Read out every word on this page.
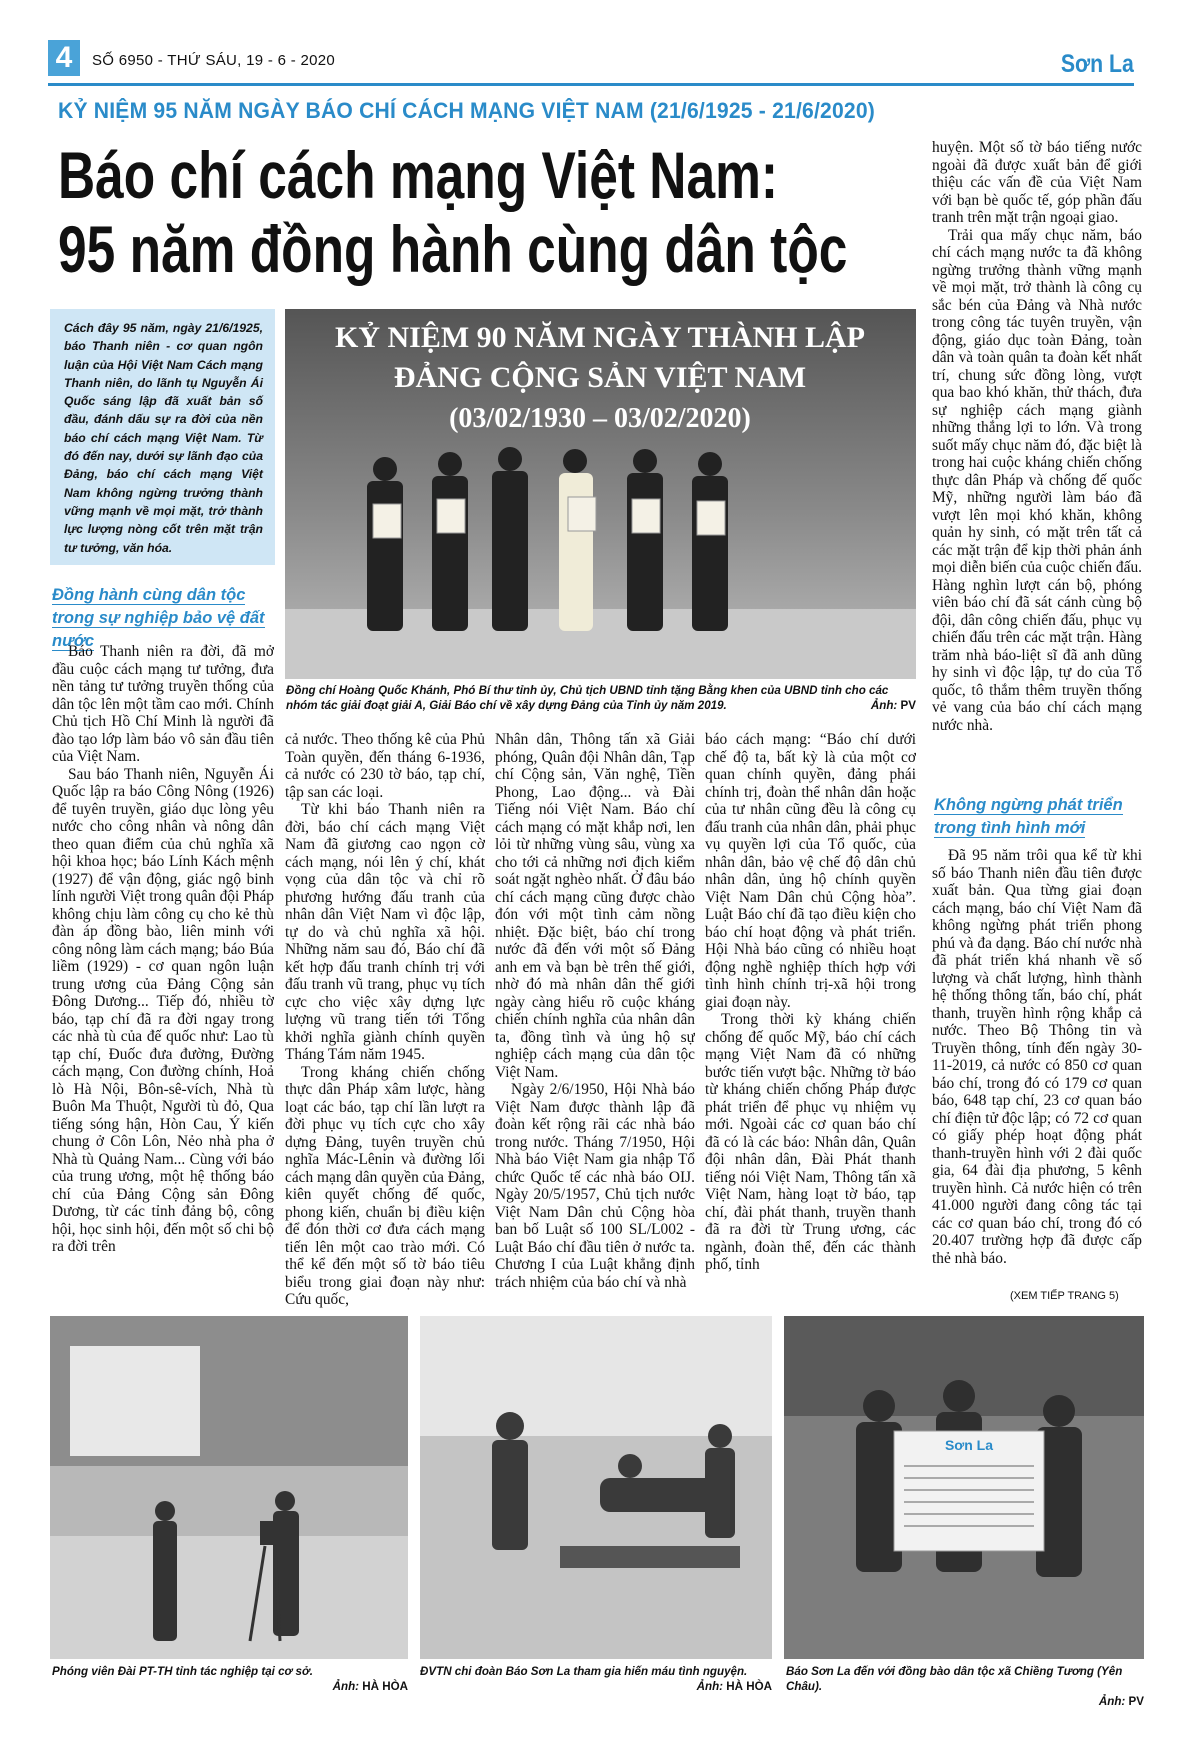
4	SỐ 6950 - THỨ SÁU, 19 - 6 - 2020	Sơn La
KỶ NIỆM 95 NĂM NGÀY BÁO CHÍ CÁCH MẠNG VIỆT NAM (21/6/1925 - 21/6/2020)
Báo chí cách mạng Việt Nam:
95 năm đồng hành cùng dân tộc

Cách đây 95 năm, ngày 21/6/1925, báo Thanh niên - cơ quan ngôn luận của Hội Việt Nam Cách mạng Thanh niên, do lãnh tụ Nguyễn Ái Quốc sáng lập đã xuất bản số đầu, đánh dấu sự ra đời của nền báo chí cách mạng Việt Nam. Từ đó đến nay, dưới sự lãnh đạo của Đảng, báo chí cách mạng Việt Nam không ngừng trưởng thành vững mạnh về mọi mặt, trở thành lực lượng nòng cốt trên mặt trận tư tưởng, văn hóa.

Đồng hành cùng dân tộc trong sự nghiệp bảo vệ đất nước

Báo Thanh niên ra đời, đã mở đầu cuộc cách mạng tư tưởng, đưa nền tảng tư tưởng truyền thống của dân tộc lên một tầm cao mới. Chính Chủ tịch Hồ Chí Minh là người đã đào tạo lớp làm báo vô sản đầu tiên của Việt Nam.

Sau báo Thanh niên, Nguyễn Ái Quốc lập ra báo Công Nông (1926) để tuyên truyền, giáo dục lòng yêu nước cho công nhân và nông dân theo quan điểm của chủ nghĩa xã hội khoa học; báo Lính Kách mệnh (1927) để vận động, giác ngộ binh lính người Việt trong quân đội Pháp không chịu làm công cụ cho kẻ thù đàn áp đồng bào, liên minh với công nông làm cách mạng; báo Búa liềm (1929) - cơ quan ngôn luận trung ương của Đảng Cộng sản Đông Dương... Tiếp đó, nhiều tờ báo, tạp chí đã ra đời ngay trong các nhà tù của đế quốc như: Lao tù tạp chí, Đuốc đưa đường, Đường cách mạng, Con đường chính, Hoả lò Hà Nội, Bôn-sê-vích, Nhà tù Buôn Ma Thuột, Người tù đỏ, Qua tiếng sóng hận, Hòn Cau, Ý kiến chung ở Côn Lôn, Nẻo nhà pha ở Nhà tù Quảng Nam... Cùng với báo của trung ương, một hệ thống báo chí của Đảng Cộng sản Đông Dương, từ các tỉnh đảng bộ, công hội, học sinh hội, đến một số chi bộ ra đời trên

KỶ NIỆM 90 NĂM NGÀY THÀNH LẬP
ĐẢNG CỘNG SẢN VIỆT NAM
(03/02/1930 – 03/02/2020)
Đồng chí Hoàng Quốc Khánh, Phó Bí thư tỉnh ủy, Chủ tịch UBND tỉnh tặng Bằng khen của UBND tỉnh cho các nhóm tác giải đoạt giải A, Giải Báo chí về xây dựng Đảng của Tỉnh ủy năm 2019.	Ảnh: PV

cả nước. Theo thống kê của Phủ Toàn quyền, đến tháng 6-1936, cả nước có 230 tờ báo, tạp chí, tập san các loại.

Từ khi báo Thanh niên ra đời, báo chí cách mạng Việt Nam đã giương cao ngọn cờ cách mạng, nói lên ý chí, khát vọng của dân tộc và chỉ rõ phương hướng đấu tranh của nhân dân Việt Nam vì độc lập, tự do và chủ nghĩa xã hội. Những năm sau đó, Báo chí đã kết hợp đấu tranh chính trị với đấu tranh vũ trang, phục vụ tích cực cho việc xây dựng lực lượng vũ trang tiến tới Tổng khởi nghĩa giành chính quyền Tháng Tám năm 1945.

Trong kháng chiến chống thực dân Pháp xâm lược, hàng loạt các báo, tạp chí lần lượt ra đời phục vụ tích cực cho xây dựng Đảng, tuyên truyền chủ nghĩa Mác-Lênin và đường lối cách mạng dân quyền của Đảng, kiên quyết chống đế quốc, phong kiến, chuẩn bị điều kiện để đón thời cơ đưa cách mạng tiến lên một cao trào mới. Có thể kể đến một số tờ báo tiêu biểu trong giai đoạn này như: Cứu quốc,

Nhân dân, Thông tấn xã Giải phóng, Quân đội Nhân dân, Tạp chí Cộng sản, Văn nghệ, Tiền Phong, Lao động... và Đài Tiếng nói Việt Nam. Báo chí cách mạng có mặt khắp nơi, len lỏi từ những vùng sâu, vùng xa cho tới cả những nơi địch kiểm soát ngặt nghèo nhất. Ở đâu báo chí cách mạng cũng được chào đón với một tình cảm nồng nhiệt. Đặc biệt, báo chí trong nước đã đến với một số Đảng anh em và bạn bè trên thế giới, nhờ đó mà nhân dân thế giới ngày càng hiểu rõ cuộc kháng chiến chính nghĩa của nhân dân ta, đồng tình và ủng hộ sự nghiệp cách mạng của dân tộc Việt Nam.

Ngày 2/6/1950, Hội Nhà báo Việt Nam được thành lập đã đoàn kết rộng rãi các nhà báo trong nước. Tháng 7/1950, Hội Nhà báo Việt Nam gia nhập Tổ chức Quốc tế các nhà báo OIJ. Ngày 20/5/1957, Chủ tịch nước Việt Nam Dân chủ Cộng hòa ban bố Luật số 100 SL/L002 - Luật Báo chí đầu tiên ở nước ta. Chương I của Luật khẳng định trách nhiệm của báo chí và nhà

báo cách mạng: “Báo chí dưới chế độ ta, bất kỳ là của một cơ quan chính quyền, đảng phái chính trị, đoàn thể nhân dân hoặc của tư nhân cũng đều là công cụ đấu tranh của nhân dân, phải phục vụ quyền lợi của Tổ quốc, của nhân dân, bảo vệ chế độ dân chủ nhân dân, ủng hộ chính quyền Việt Nam Dân chủ Cộng hòa”. Luật Báo chí đã tạo điều kiện cho báo chí hoạt động và phát triển. Hội Nhà báo cũng có nhiều hoạt động nghề nghiệp thích hợp với tình hình chính trị-xã hội trong giai đoạn này.

Trong thời kỳ kháng chiến chống đế quốc Mỹ, báo chí cách mạng Việt Nam đã có những bước tiến vượt bậc. Những tờ báo từ kháng chiến chống Pháp được phát triển để phục vụ nhiệm vụ mới. Ngoài các cơ quan báo chí đã có là các báo: Nhân dân, Quân đội nhân dân, Đài Phát thanh tiếng nói Việt Nam, Thông tấn xã Việt Nam, hàng loạt tờ báo, tạp chí, đài phát thanh, truyền thanh đã ra đời từ Trung ương, các ngành, đoàn thể, đến các thành phố, tỉnh

huyện. Một số tờ báo tiếng nước ngoài đã được xuất bản để giới thiệu các vấn đề của Việt Nam với bạn bè quốc tế, góp phần đấu tranh trên mặt trận ngoại giao.

Trải qua mấy chục năm, báo chí cách mạng nước ta đã không ngừng trưởng thành vững mạnh về mọi mặt, trở thành là công cụ sắc bén của Đảng và Nhà nước trong công tác tuyên truyền, vận động, giáo dục toàn Đảng, toàn dân và toàn quân ta đoàn kết nhất trí, chung sức đồng lòng, vượt qua bao khó khăn, thử thách, đưa sự nghiệp cách mạng giành những thắng lợi to lớn. Và trong suốt mấy chục năm đó, đặc biệt là trong hai cuộc kháng chiến chống thực dân Pháp và chống đế quốc Mỹ, những người làm báo đã vượt lên mọi khó khăn, không quản hy sinh, có mặt trên tất cả các mặt trận để kịp thời phản ánh mọi diễn biến của cuộc chiến đấu. Hàng nghìn lượt cán bộ, phóng viên báo chí đã sát cánh cùng bộ đội, dân công chiến đấu, phục vụ chiến đấu trên các mặt trận. Hàng trăm nhà báo-liệt sĩ đã anh dũng hy sinh vì độc lập, tự do của Tổ quốc, tô thắm thêm truyền thống vẻ vang của báo chí cách mạng nước nhà.

Không ngừng phát triển trong tình hình mới

Đã 95 năm trôi qua kể từ khi số báo Thanh niên đầu tiên được xuất bản. Qua từng giai đoạn cách mạng, báo chí Việt Nam đã không ngừng phát triển phong phú và đa dạng. Báo chí nước nhà đã phát triển khá nhanh về số lượng và chất lượng, hình thành hệ thống thông tấn, báo chí, phát thanh, truyền hình rộng khắp cả nước. Theo Bộ Thông tin và Truyền thông, tính đến ngày 30-11-2019, cả nước có 850 cơ quan báo chí, trong đó có 179 cơ quan báo, 648 tạp chí, 23 cơ quan báo chí điện tử độc lập; có 72 cơ quan có giấy phép hoạt động phát thanh-truyền hình với 2 đài quốc gia, 64 đài địa phương, 5 kênh truyền hình. Cả nước hiện có trên 41.000 người đang công tác tại các cơ quan báo chí, trong đó có 20.407 trường hợp đã được cấp thẻ nhà báo.

(XEM TIẾP TRANG 5)
Sơn La
Phóng viên Đài PT-TH tỉnh tác nghiệp tại cơ sở.
Ảnh: HÀ HÒA
ĐVTN chi đoàn Báo Sơn La tham gia hiến máu tình nguyện.
Ảnh: HÀ HÒA
Báo Sơn La đến với đồng bào dân tộc xã Chiềng Tương (Yên Châu).
Ảnh: PV
